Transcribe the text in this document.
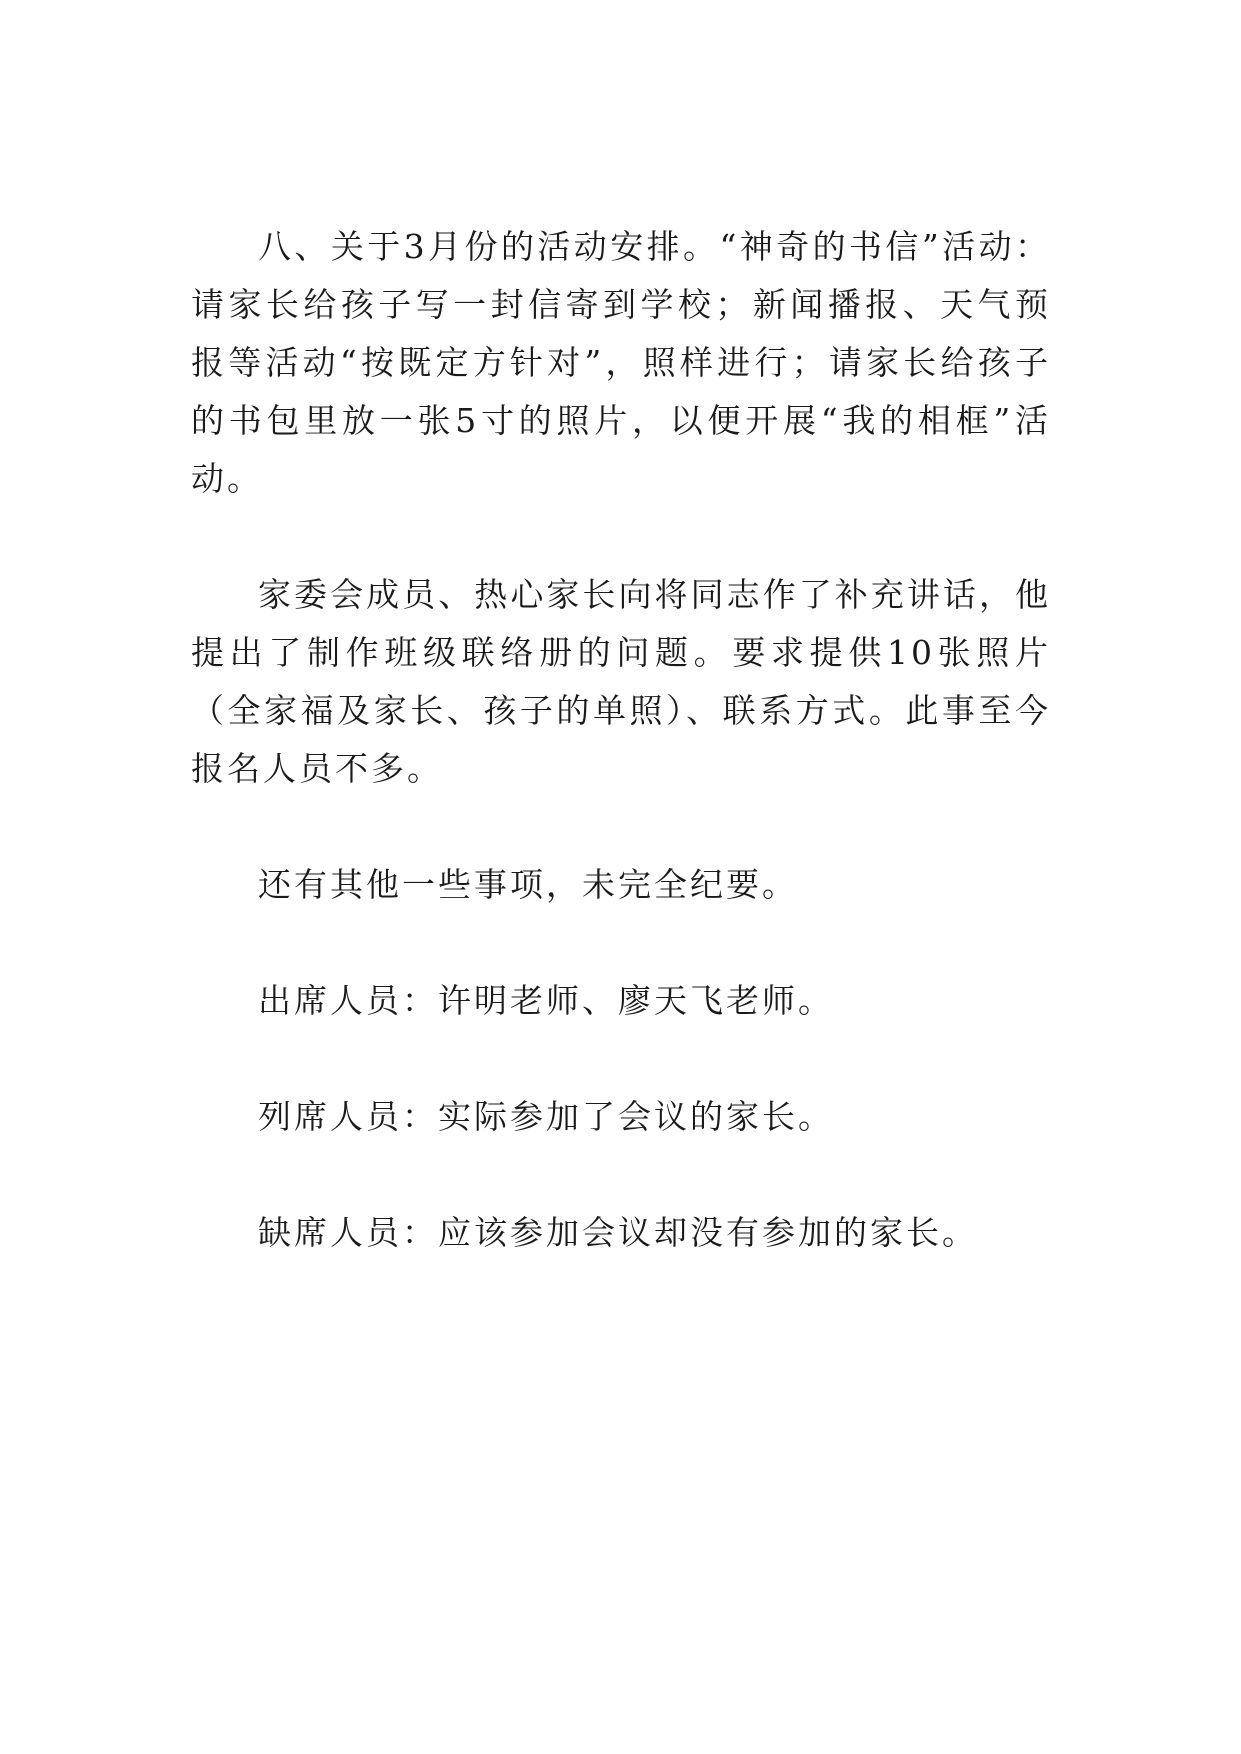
八、关于3月份的活动安排。“神奇的书信”活动：请家长给孩子写一封信寄到学校；新闻播报、天气预报等活动“按既定方针对”，照样进行；请家长给孩子的书包里放一张5寸的照片，以便开展“我的相框”活动。

家委会成员、热心家长向将同志作了补充讲话，他提出了制作班级联络册的问题。要求提供10张照片（全家福及家长、孩子的单照）、联系方式。此事至今报名人员不多。

还有其他一些事项，未完全纪要。

出席人员：许明老师、廖天飞老师。

列席人员：实际参加了会议的家长。

缺席人员：应该参加会议却没有参加的家长。
